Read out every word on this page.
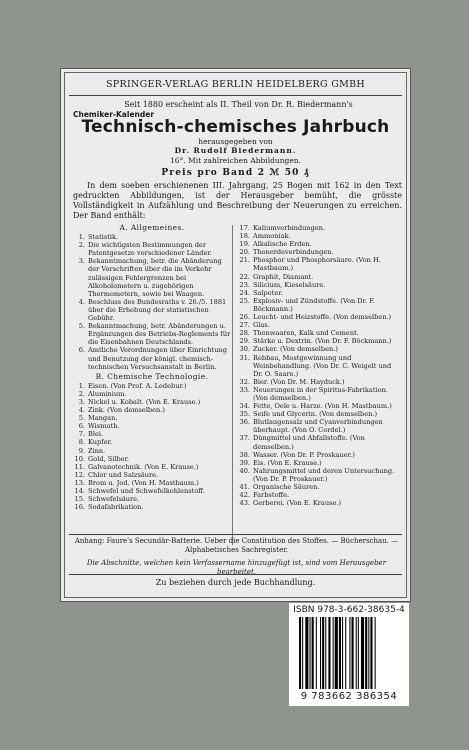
SPRINGER-VERLAG BERLIN HEIDELBERG GMBH
Seit 1880 erscheint als II. Theil von Dr. R. Biedermann's
Chemiker-Kalender
Technisch-chemisches Jahrbuch
herausgegeben von
Dr. Rudolf Biedermann.
16°. Mit zahlreichen Abbildungen.
Preis pro Band 2 ℳ 50 ₰
In dem soeben erschienenen III. Jahrgang, 25 Bogen mit 162 in den Text gedruckten Abbildungen, ist der Herausgeber bemüht, die grösste Vollständigkeit in Aufzählung und Beschreibung der Neuerungen zu erreichen. Der Band enthält:
A. Allgemeines.
1. Statistik.
2. Die wichtigsten Bestimmungen der Patentgesetze verschiedener Länder.
3. Bekanntmachung, betr. die Abänderung der Vorschriften über die im Verkehr zulässigen Fehlergrenzen bei Alkoholometern u. zugehörigen Thermometern, sowie bei Waagen.
4. Beschluss des Bundesraths v. 26./5. 1881 über die Erhebung der statistischen Gebühr.
5. Bekanntmachung, betr. Abänderungen u. Ergänzungen des Betriebs-Reglements für die Eisenbahnen Deutschlands.
6. Amtliche Verordnungen über Einrichtung und Benutzung der königl. chemisch-technischen Versuchsanstalt in Berlin.
B. Chemische Technologie.
1. Eisen. (Von Prof. A. Ledebur.)
2. Aluminium.
3. Nickel u. Kobalt. (Von E. Krause.)
4. Zink. (Von demselben.)
5. Mangan.
6. Wismuth.
7. Blei.
8. Kupfer.
9. Zinn.
10. Gold, Silber.
11. Galvanotechnik. (Von E. Krause.)
12. Chlor und Salzsäure.
13. Brom u. Jod. (Von H. Mastbaum.)
14. Schwefel und Schwefelkohlenstoff.
15. Schwefelsäure.
16. Sodafabrikation.
17. Kaliumverbindungen.
18. Ammoniak.
19. Alkalische Erden.
20. Thonerdeverbindungen.
21. Phosphor und Phosphorsäure. (Von H. Mastbaum.)
22. Graphit, Diamant.
23. Silicium, Kieselsäure.
24. Salpeter.
25. Explosiv- und Zündstoffe. (Von Dr. F. Böckmann.)
26. Leucht- und Heizstoffe. (Von demselben.)
27. Glas.
28. Thonwaaren, Kalk und Cement.
29. Stärke u. Dextrin. (Von Dr. F. Böckmann.)
30. Zucker. (Von demselben.)
31. Rebbau, Mostgewinnung und Weinbehandlung. (Von Dr. C. Weigelt und Dr. O. Saare.)
32. Bier. (Von Dr. M. Hayduck.)
33. Neuerungen in der Spiritus-Fabrikation. (Von demselben.)
34. Fette, Oele u. Harze. (Von H. Mastbaum.)
35. Seife und Glycerin. (Von demselben.)
36. Blutlaugensalz und Cyanverbindungen überhaupt. (Von O. Cordel.)
37. Düngmittel und Abfallstoffe. (Von demselben.)
38. Wasser. (Von Dr. P. Proskauer.)
39. Eis. (Von E. Krause.)
40. Nahrungsmittel und deren Untersuchung. (Von Dr. P. Proskauer.)
41. Organische Säuren.
42. Farbstoffe.
43. Gerberei. (Von E. Krause.)
Anhang: Faure's Secundär-Batterie. Ueber die Constitution des Stoffes. — Bücherschau. — Alphabetisches Sachregister.
Die Abschnitte, welchen kein Verfassername hinzugefügt ist, sind vom Herausgeber bearbeitet.
Zu beziehen durch jede Buchhandlung.
ISBN 978-3-662-38635-4
9 783662 386354
